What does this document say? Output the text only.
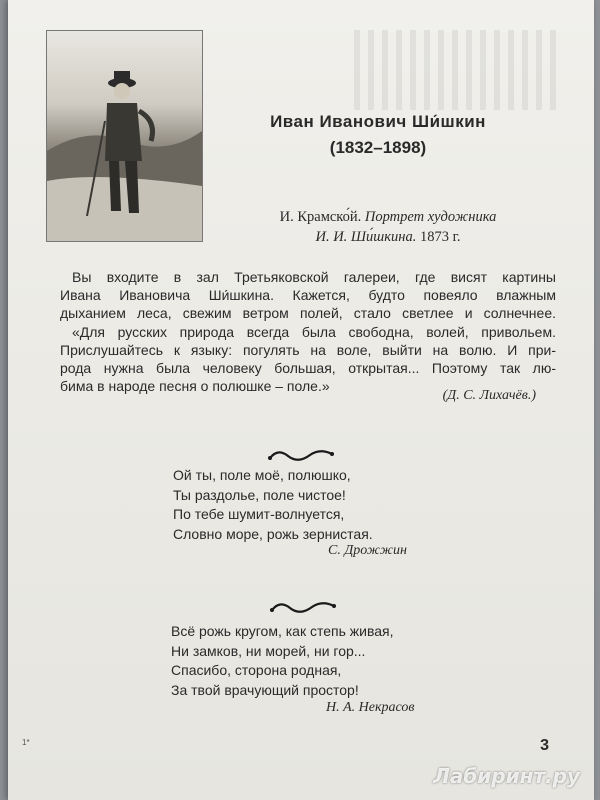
Иван Иванович Ши́шкин
(1832–1898)
И. Крамско́й. Портрет художника
И. И. Ши́шкина. 1873 г.
Вы входите в зал Третьяковской галереи, где висят картины
Ивана Ивановича Ши́шкина. Кажется, будто повеяло влажным
дыханием леса, свежим ветром полей, стало светлее и солнечнее.
«Для русских природа всегда была свободна, волей, привольем.
Прислушайтесь к языку: погулять на воле, выйти на волю. И при-
рода нужна была человеку большая, открытая... Поэтому так лю-
бима в народе песня о полюшке – поле.»
(Д. С. Лихачёв.)
Ой ты, поле моё, полюшко,
Ты раздолье, поле чистое!
По тебе шумит-волнуется,
Словно море, рожь зернистая.
С. Дрожжин
Всё рожь кругом, как степь живая,
Ни замков, ни морей, ни гор...
Спасибо, сторона родная,
За твой врачующий простор!
Н. А. Некрасов
1*	3
Лабиринт.ру
